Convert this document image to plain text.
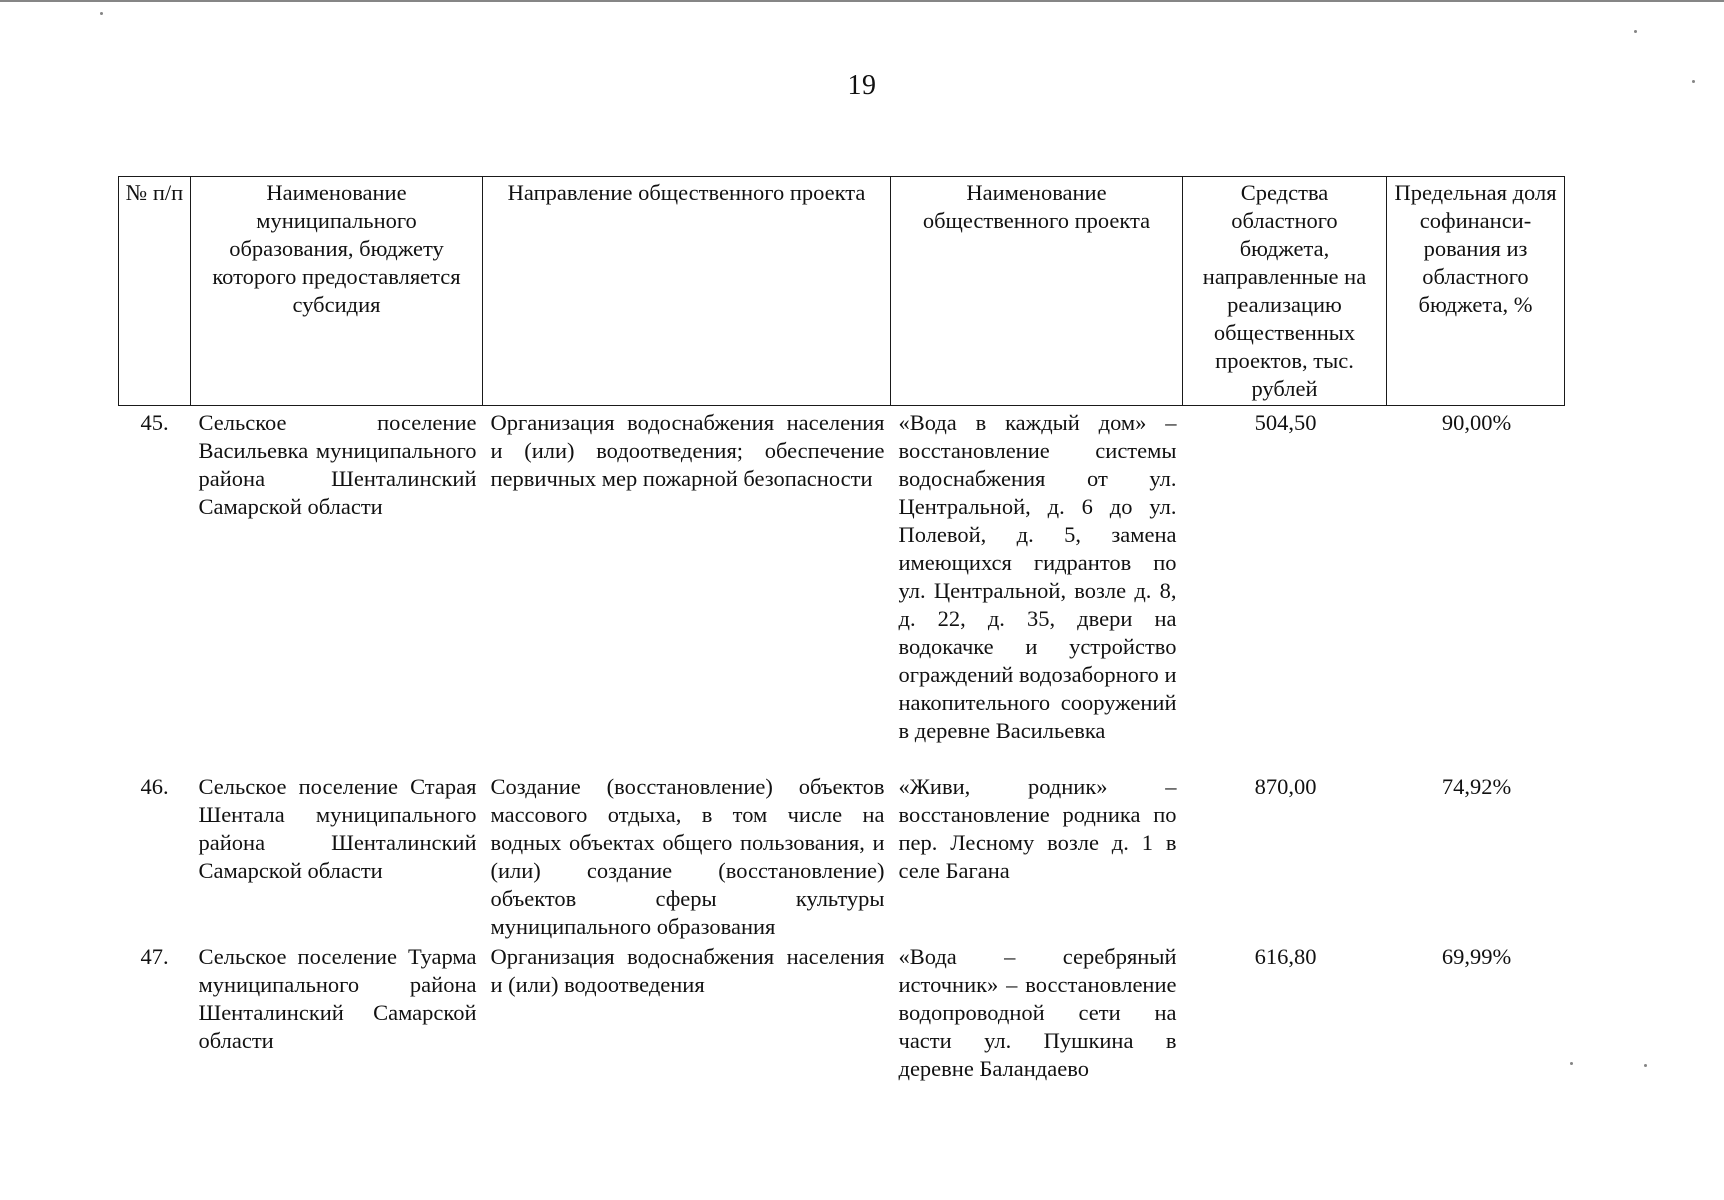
19
№ п/п	Наименование муниципального образования, бюджету которого предоставляется субсидия	Направление общественного проекта	Наименование общественного проекта	Средства областного бюджета, направленные на реализацию общественных проектов, тыс. рублей	Предельная доля софинанси-рования из областного бюджета, %
45.	Сельское поселение Васильевка муниципального района Шенталинский Самарской области	Организация водоснабжения населения и (или) водоотведения; обеспечение первичных мер пожарной безопасности	«Вода в каждый дом» – восстановление системы водоснабжения от ул. Центральной, д. 6 до ул. Полевой, д. 5, замена имеющихся гидрантов по ул. Центральной, возле д. 8, д. 22, д. 35, двери на водокачке и устройство ограждений водозаборного и накопительного сооружений в деревне Васильевка	504,50	90,00%
46.	Сельское поселение Старая Шентала муниципального района Шенталинский Самарской области	Создание (восстановление) объектов массового отдыха, в том числе на водных объектах общего пользования, и (или) создание (восстановление) объектов сферы культуры муниципального образования	«Живи, родник» – восстановление родника по пер. Лесному возле д. 1 в селе Багана	870,00	74,92%
47.	Сельское поселение Туарма муниципального района Шенталинский Самарской области	Организация водоснабжения населения и (или) водоотведения	«Вода – серебряный источник» – восстановление водопроводной сети на части ул. Пушкина в деревне Баландаево	616,80	69,99%
